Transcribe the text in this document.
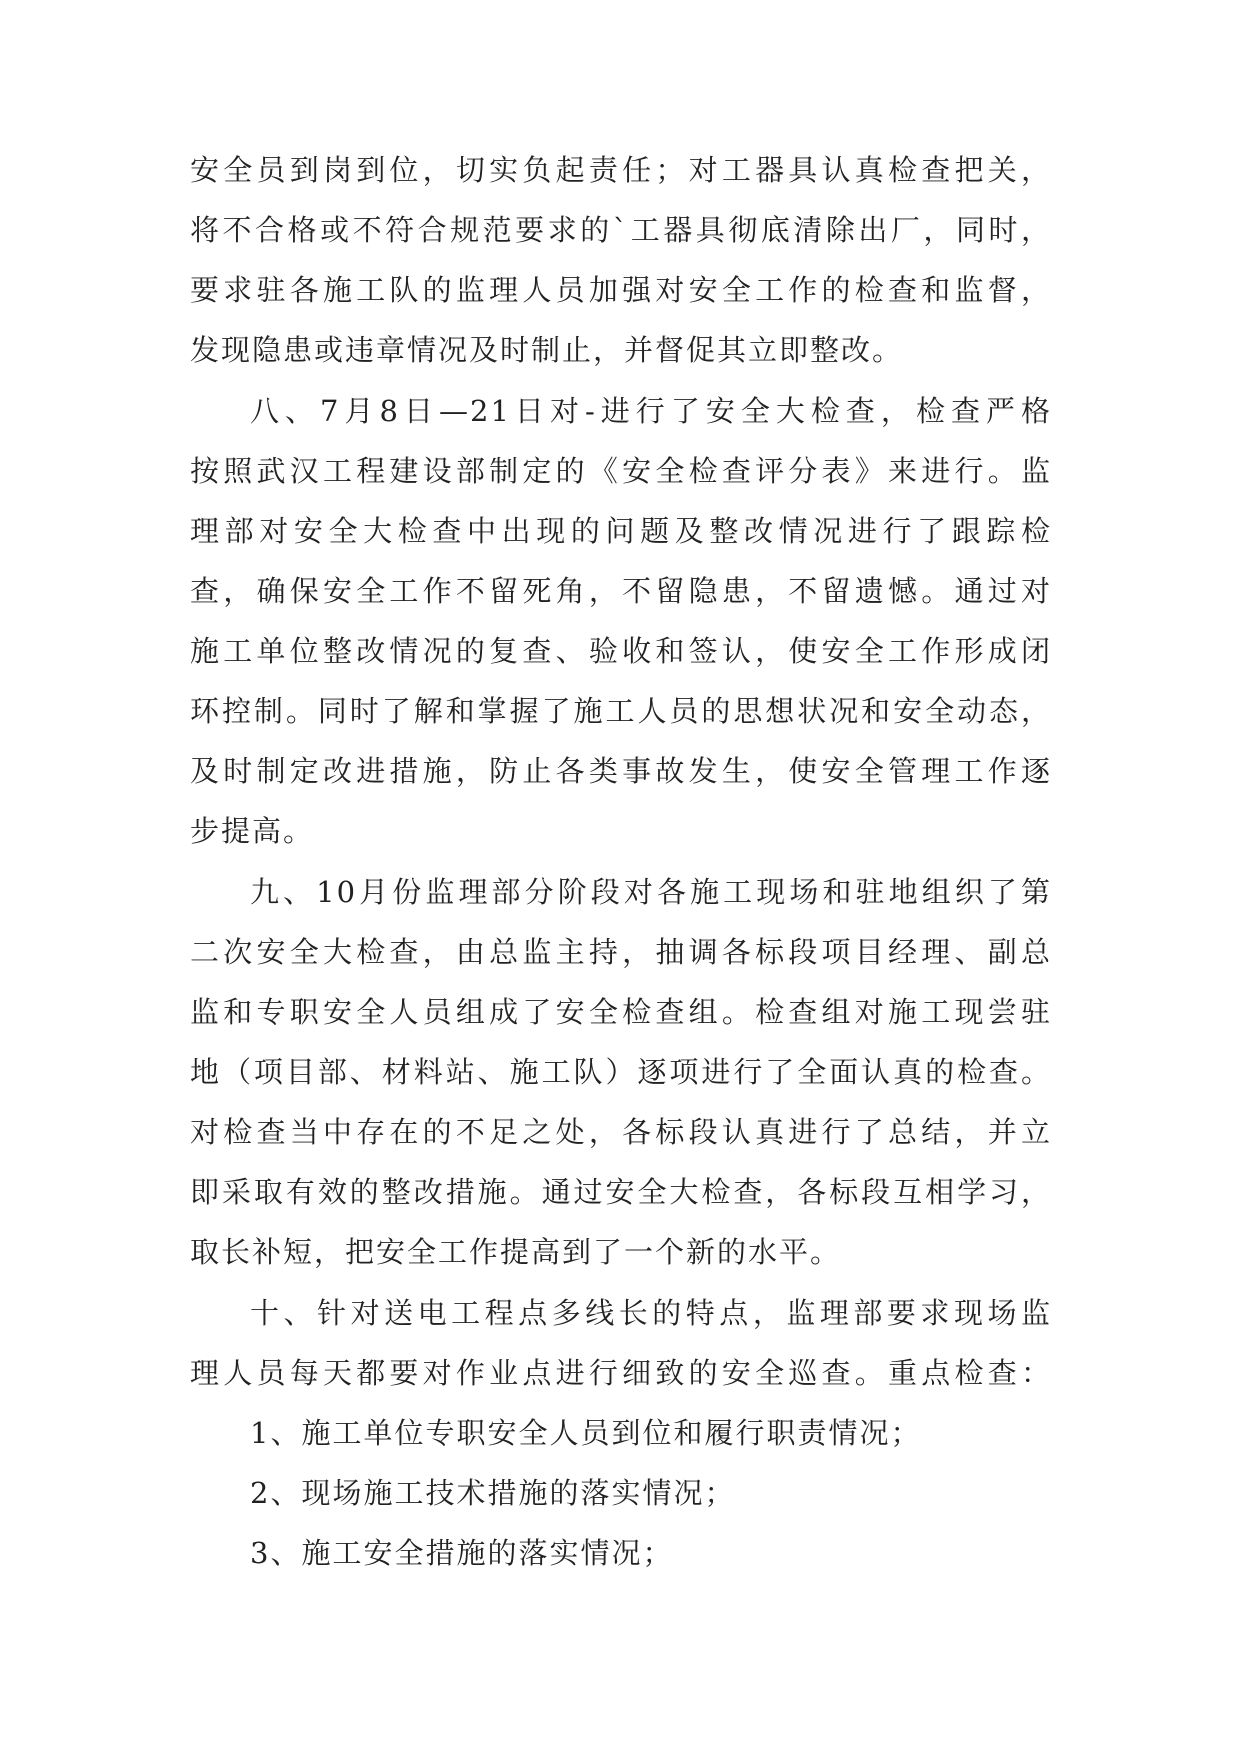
安全员到岗到位，切实负起责任；对工器具认真检查把关，
将不合格或不符合规范要求的`工器具彻底清除出厂，同时，
要求驻各施工队的监理人员加强对安全工作的检查和监督，
发现隐患或违章情况及时制止，并督促其立即整改。
八、7月8日—21日对-进行了安全大检查，检查严格
按照武汉工程建设部制定的《安全检查评分表》来进行。监
理部对安全大检查中出现的问题及整改情况进行了跟踪检
查，确保安全工作不留死角，不留隐患，不留遗憾。通过对
施工单位整改情况的复查、验收和签认，使安全工作形成闭
环控制。同时了解和掌握了施工人员的思想状况和安全动态，
及时制定改进措施，防止各类事故发生，使安全管理工作逐
步提高。
九、10月份监理部分阶段对各施工现场和驻地组织了第
二次安全大检查，由总监主持，抽调各标段项目经理、副总
监和专职安全人员组成了安全检查组。检查组对施工现尝驻
地（项目部、材料站、施工队）逐项进行了全面认真的检查。
对检查当中存在的不足之处，各标段认真进行了总结，并立
即采取有效的整改措施。通过安全大检查，各标段互相学习，
取长补短，把安全工作提高到了一个新的水平。
十、针对送电工程点多线长的特点，监理部要求现场监
理人员每天都要对作业点进行细致的安全巡查。重点检查：
1、施工单位专职安全人员到位和履行职责情况；
2、现场施工技术措施的落实情况；
3、施工安全措施的落实情况；
